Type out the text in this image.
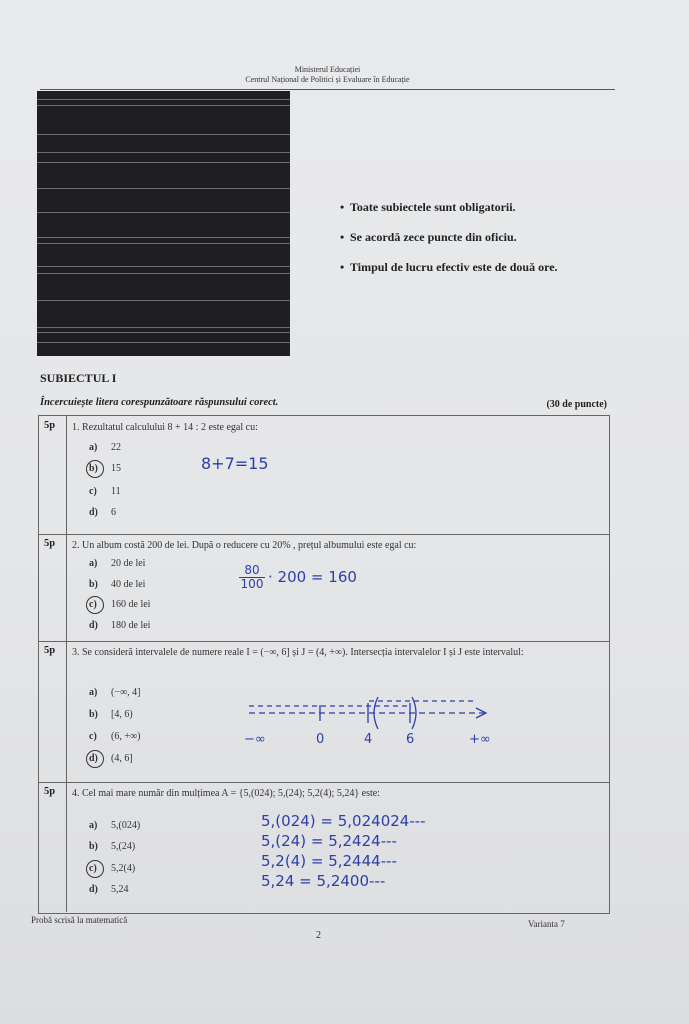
Ministerul Educației
Centrul Național de Politici și Evaluare în Educație
• Toate subiectele sunt obligatorii.
• Se acordă zece puncte din oficiu.
• Timpul de lucru efectiv este de două ore.
SUBIECTUL I
Încercuiește litera corespunzătoare răspunsului corect.	(30 de puncte)
5p 1. Rezultatul calculului 8 + 14 : 2 este egal cu:
a) 22
b) 15
c) 11
d) 6
8+7=15
5p 2. Un album costă 200 de lei. După o reducere cu 20% , prețul albumului este egal cu:
a) 20 de lei
b) 40 de lei
c) 160 de lei
d) 180 de lei
$\frac{80}{100} \cdot 200 = 160$
5p 3. Se consideră intervalele de numere reale I = (−∞, 6] și J = (4, +∞). Intersecția intervalelor I și J este intervalul:
a) (−∞, 4]
b) [4, 6)
c) (6, +∞)
d) (4, 6]
−∞	0	4	6	+∞
5p 4. Cel mai mare număr din mulțimea A = {5,(024); 5,(24); 5,2(4); 5,24} este:
a) 5,(024)
b) 5,(24)
c) 5,2(4)
d) 5,24
5,(024) = 5,024024---
5,(24) = 5,2424---
5,2(4) = 5,2444---
5,24 = 5,2400---
Probă scrisă la matematică	Varianta 7
2
